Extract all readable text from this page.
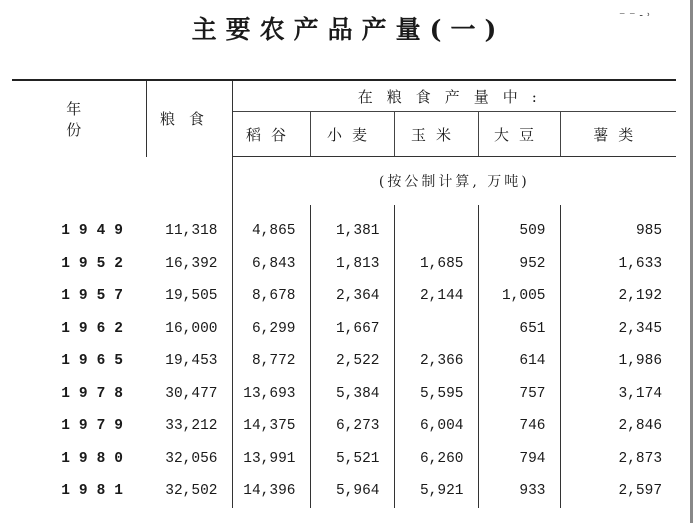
主要农产品产量(一)	⁻ ⁻ ˗ ˒
年份	粮食	在粮食产量中:				
		稻谷	小麦	玉米	大豆	薯类
		(按公制计算, 万吨)				

1949	11,318	4,865	1,381		509	985
1952	16,392	6,843	1,813	1,685	952	1,633
1957	19,505	8,678	2,364	2,144	1,005	2,192
1962	16,000	6,299	1,667		651	2,345
1965	19,453	8,772	2,522	2,366	614	1,986
1978	30,477	13,693	5,384	5,595	757	3,174
1979	33,212	14,375	6,273	6,004	746	2,846
1980	32,056	13,991	5,521	6,260	794	2,873
1981	32,502	14,396	5,964	5,921	933	2,597
